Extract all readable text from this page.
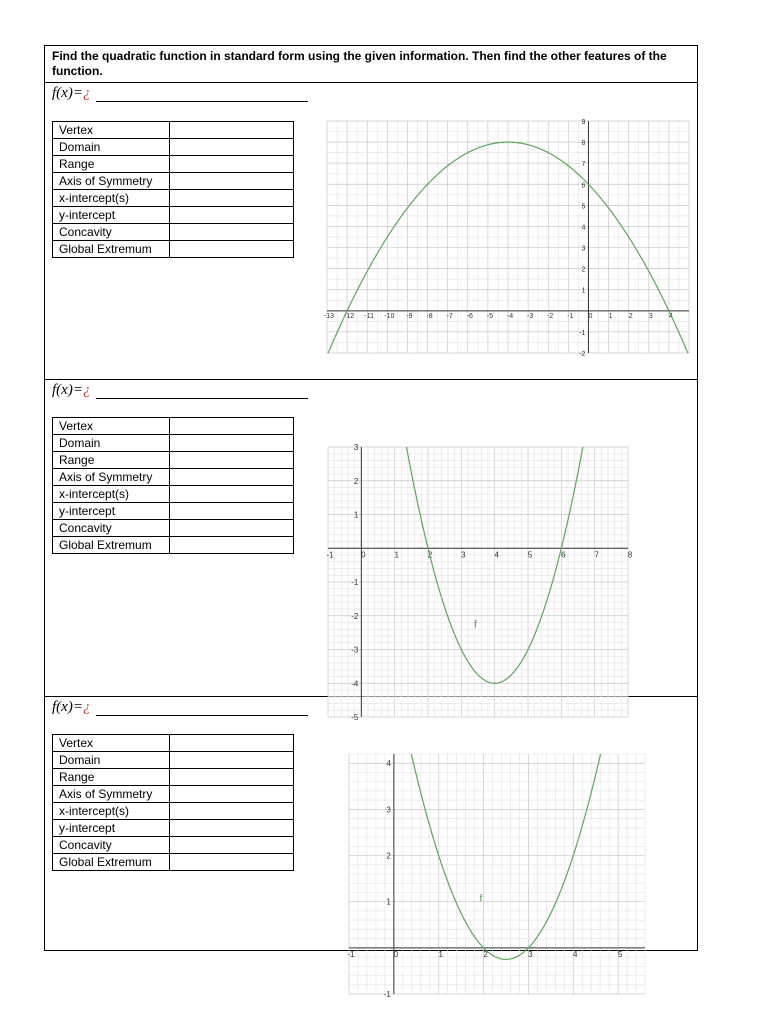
Find the quadratic function in standard form using the given information. Then find the other features of the function.
f(x)= ¿
Vertex	
Domain	
Range	
Axis of Symmetry	
x-intercept(s)	
y-intercept	
Concavity	
Global Extremum	
-13 -12 -11 -10 -9 -8 -7 -6 -5 -4 -3 -2 -1 0 1 2 3 4
-2
-1
1
2
3
4
5
6
7
8
9
f(x)= ¿
Vertex	
Domain	
Range	
Axis of Symmetry	
x-intercept(s)	
y-intercept	
Concavity	
Global Extremum	
-1	0	1	2	3	4	5	6	7	8
-5
-4
-3
-2
-1
1
2
3
f
f(x)= ¿
Vertex	
Domain	
Range	
Axis of Symmetry	
x-intercept(s)	
y-intercept	
Concavity	
Global Extremum	
-1	0	1	2	3	4	5
-1
1
2
3
4
f
